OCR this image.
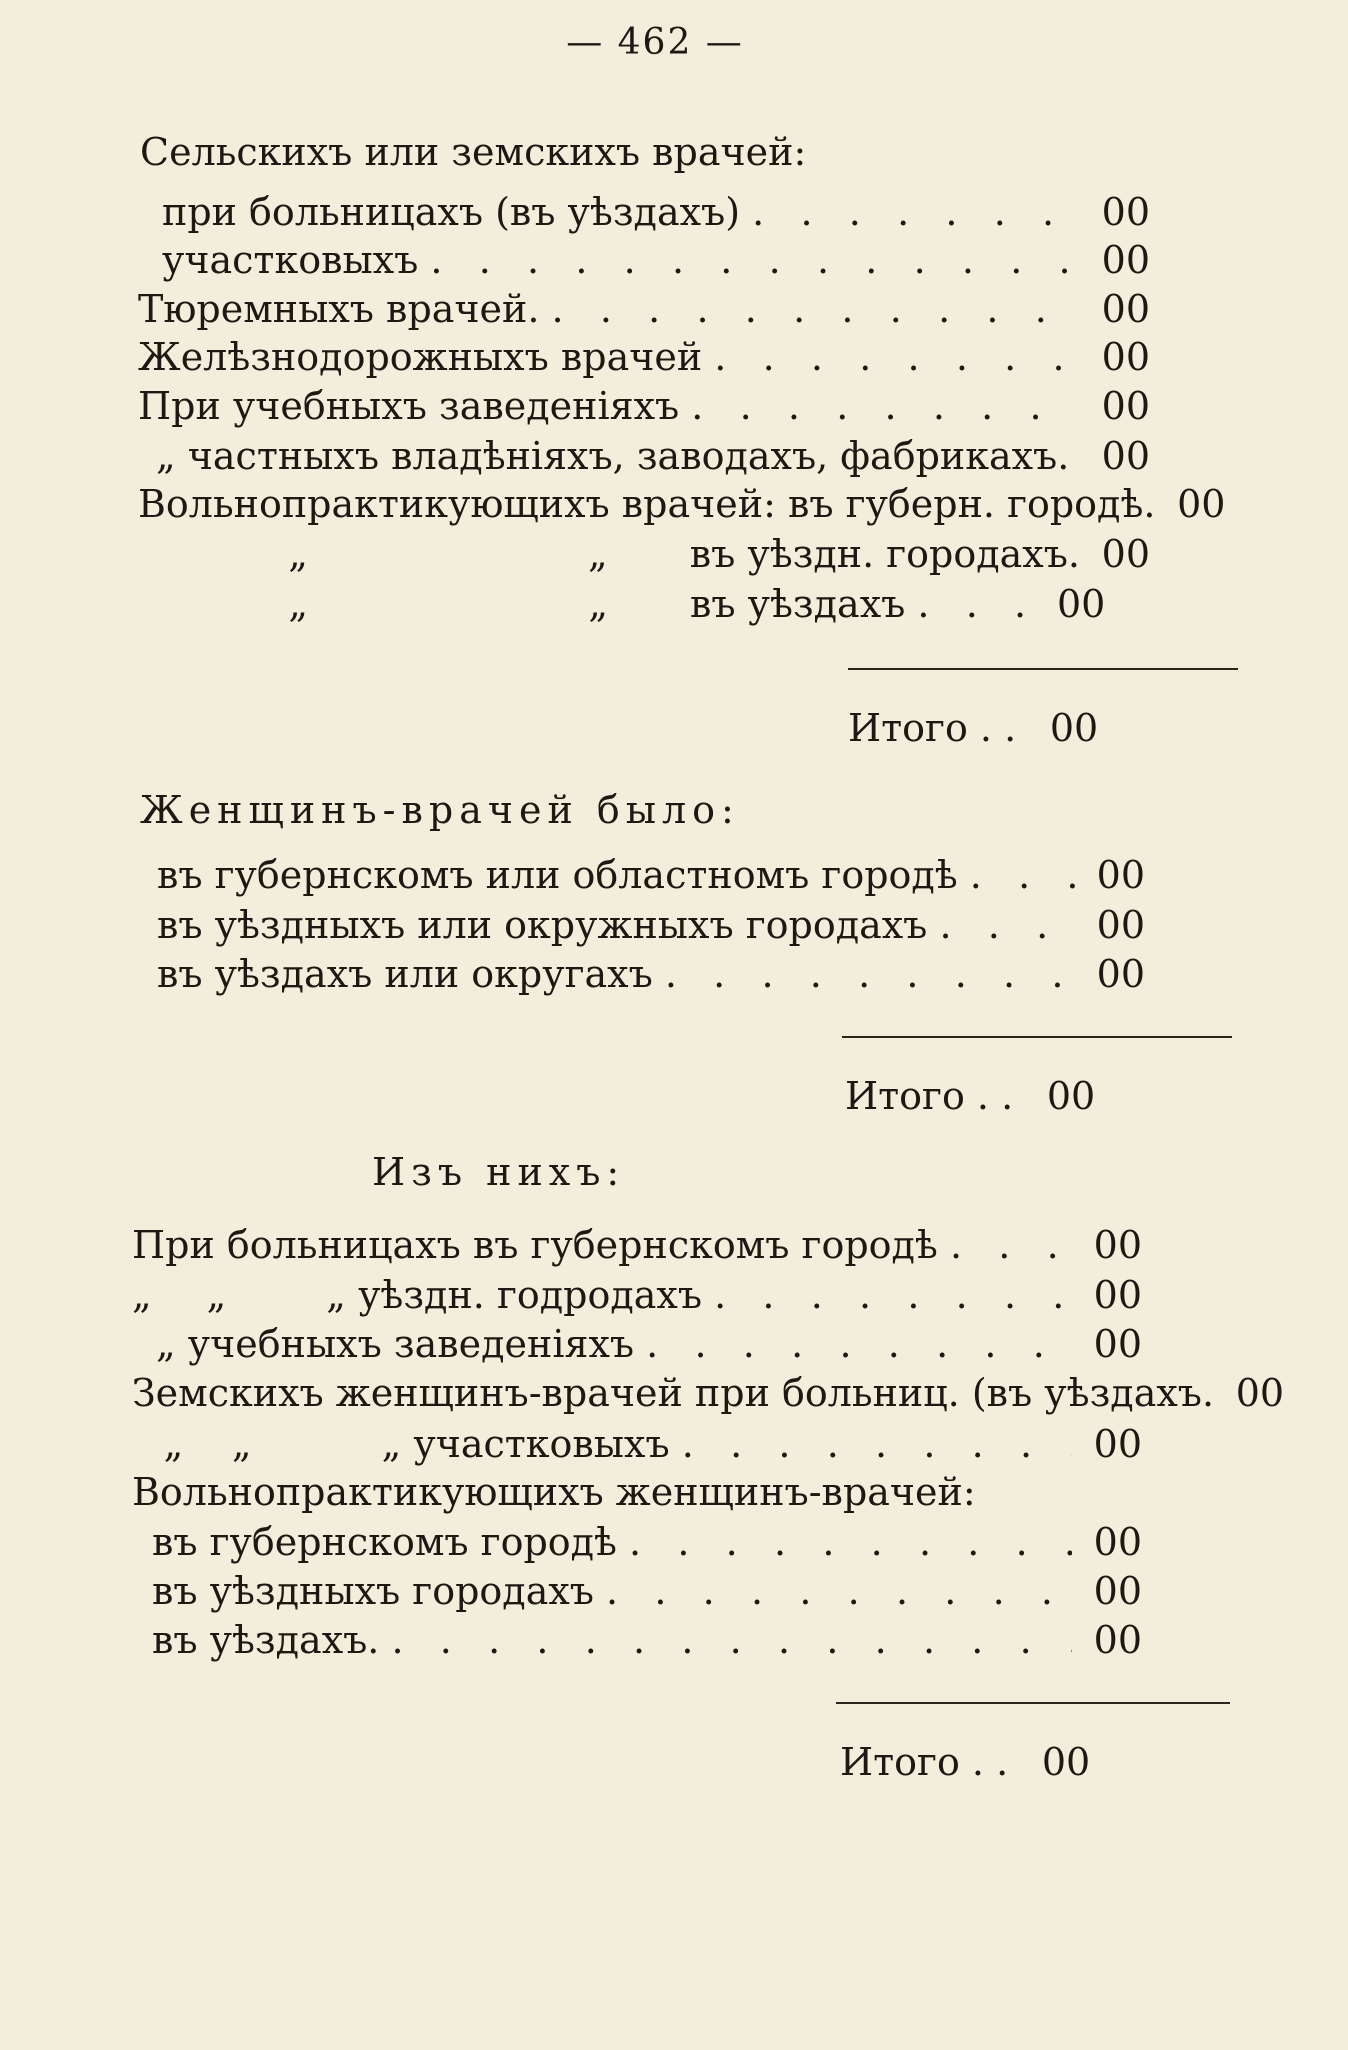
— 462 —
Сельскихъ или земскихъ врачей:
при больницахъ (въ уѣздахъ) . .	00
участковыхъ . .	00
Тюремныхъ врачей. . .	00
Желѣзнодорожныхъ врачей . .	00
При учебныхъ заведеніяхъ . .	00
„ частныхъ владѣніяхъ, заводахъ, фабрикахъ. 00
Вольнопрактикующихъ врачей: въ губерн. городѣ. 00
„	„	въ уѣздн. городахъ. 00
„	„	въ уѣздахъ . .	00
Итого . . 00
Женщинъ-врачей было:
въ губернскомъ или областномъ городѣ . .	00
въ уѣздныхъ или окружныхъ городахъ . .	00
въ уѣздахъ или округахъ . .	00
Итого . . 00
Изъ нихъ:
При больницахъ въ губернскомъ городѣ . .	00
„	„	„ уѣздн. годродахъ . .	00
„ учебныхъ заведеніяхъ . .	00
Земскихъ женщинъ-врачей при больниц. (въ уѣздахъ. 00
„	„	„ участковыхъ . .	00
Вольнопрактикующихъ женщинъ-врачей:
въ губернскомъ городѣ . .	00
въ уѣздныхъ городахъ . .	00
въ уѣздахъ. . .	00
Итого . . 00
